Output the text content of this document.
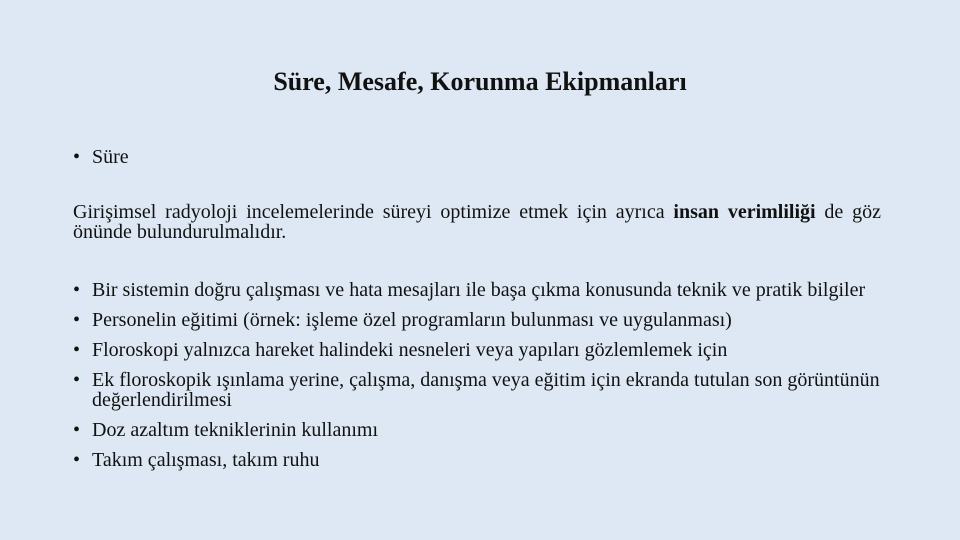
Süre, Mesafe, Korunma Ekipmanları
• Süre

Girişimsel radyoloji incelemelerinde süreyi optimize etmek için ayrıca insan verimliliği de göz önünde bulundurulmalıdır.

• Bir sistemin doğru çalışması ve hata mesajları ile başa çıkma konusunda teknik ve pratik bilgiler
• Personelin eğitimi (örnek: işleme özel programların bulunması ve uygulanması)
• Floroskopi yalnızca hareket halindeki nesneleri veya yapıları gözlemlemek için
• Ek floroskopik ışınlama yerine, çalışma, danışma veya eğitim için ekranda tutulan son görüntünün değerlendirilmesi
• Doz azaltım tekniklerinin kullanımı
• Takım çalışması, takım ruhu
